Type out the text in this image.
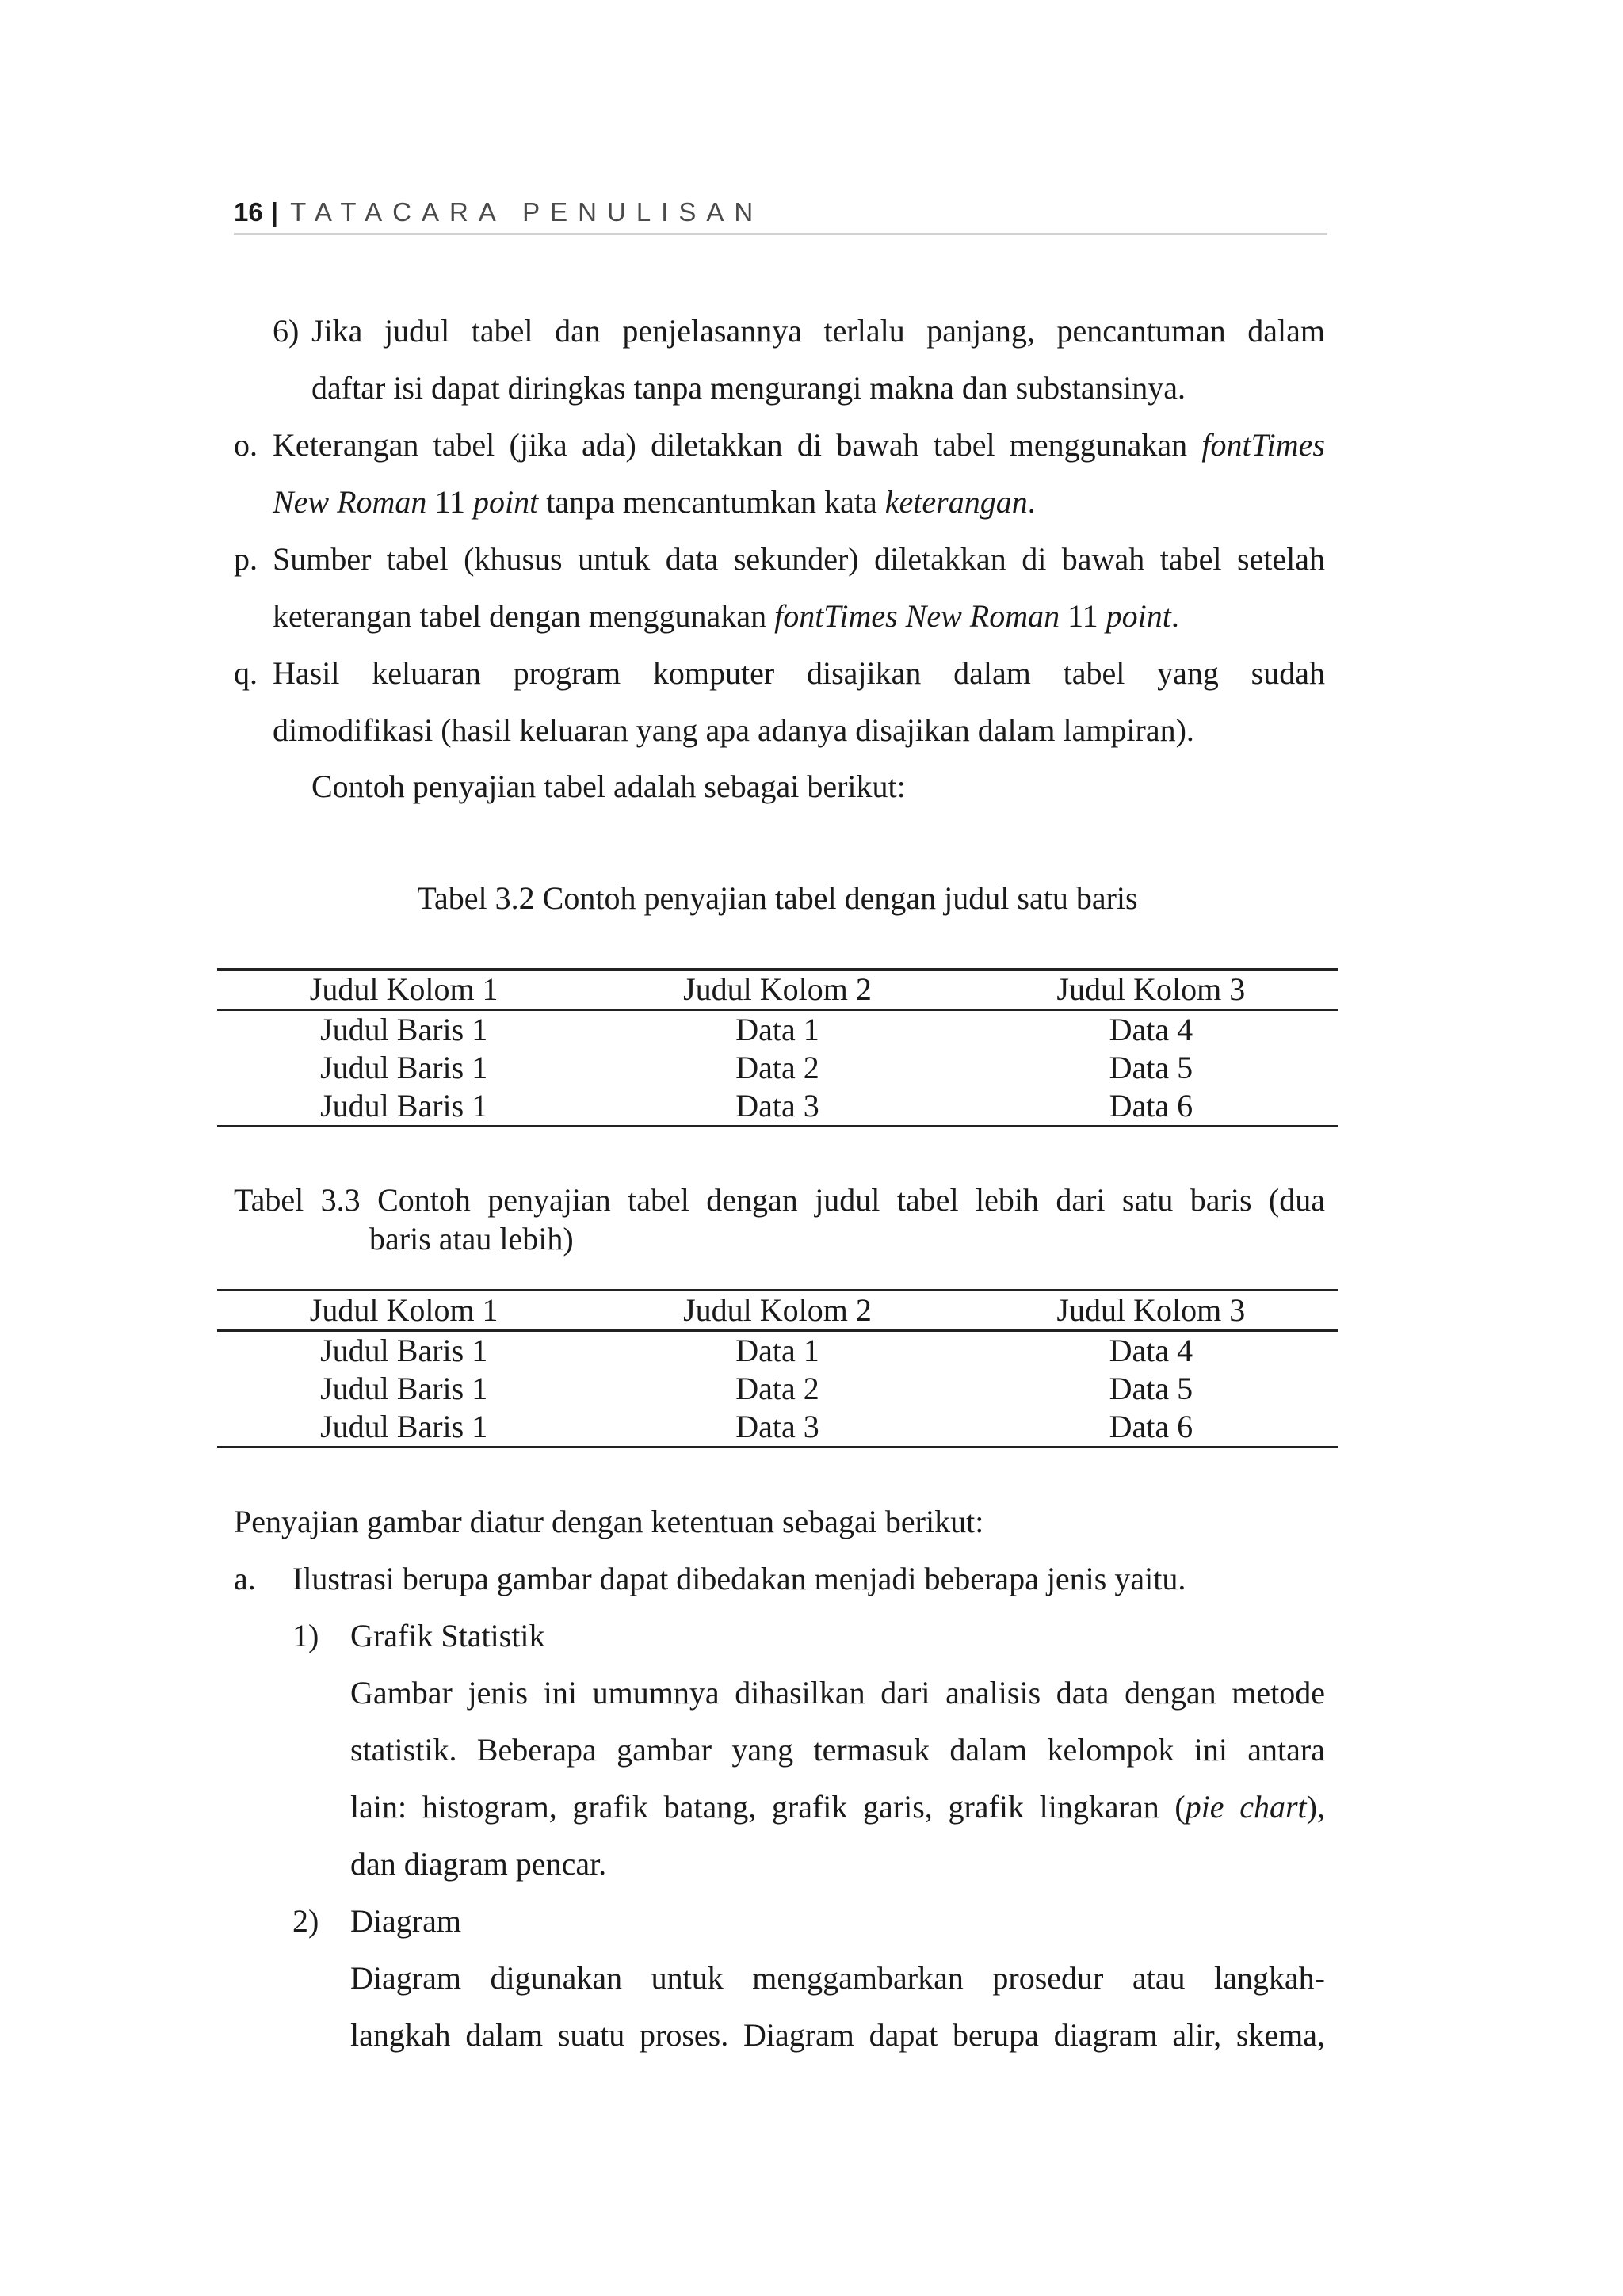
16 | TATACARA PENULISAN
6) Jika judul tabel dan penjelasannya terlalu panjang, pencantuman dalam
daftar isi dapat diringkas tanpa mengurangi makna dan substansinya.
o. Keterangan tabel (jika ada) diletakkan di bawah tabel menggunakan fontTimes
New Roman 11 point tanpa mencantumkan kata keterangan.
p. Sumber tabel (khusus untuk data sekunder) diletakkan di bawah tabel setelah
keterangan tabel dengan menggunakan fontTimes New Roman 11 point.
q. Hasil keluaran program komputer disajikan dalam tabel yang sudah
dimodifikasi (hasil keluaran yang apa adanya disajikan dalam lampiran).
Contoh penyajian tabel adalah sebagai berikut:
Tabel 3.2 Contoh penyajian tabel dengan judul satu baris
Judul Kolom 1	Judul Kolom 2	Judul Kolom 3
Judul Baris 1	Data 1	Data 4
Judul Baris 1	Data 2	Data 5
Judul Baris 1	Data 3	Data 6
Tabel 3.3 Contoh penyajian tabel dengan judul tabel lebih dari satu baris (dua
baris atau lebih)
Judul Kolom 1	Judul Kolom 2	Judul Kolom 3
Judul Baris 1	Data 1	Data 4
Judul Baris 1	Data 2	Data 5
Judul Baris 1	Data 3	Data 6
Penyajian gambar diatur dengan ketentuan sebagai berikut:
a. Ilustrasi berupa gambar dapat dibedakan menjadi beberapa jenis yaitu.
1) Grafik Statistik
Gambar jenis ini umumnya dihasilkan dari analisis data dengan metode
statistik. Beberapa gambar yang termasuk dalam kelompok ini antara
lain: histogram, grafik batang, grafik garis, grafik lingkaran (pie chart),
dan diagram pencar.
2) Diagram
Diagram digunakan untuk menggambarkan prosedur atau langkah-
langkah dalam suatu proses. Diagram dapat berupa diagram alir, skema,
